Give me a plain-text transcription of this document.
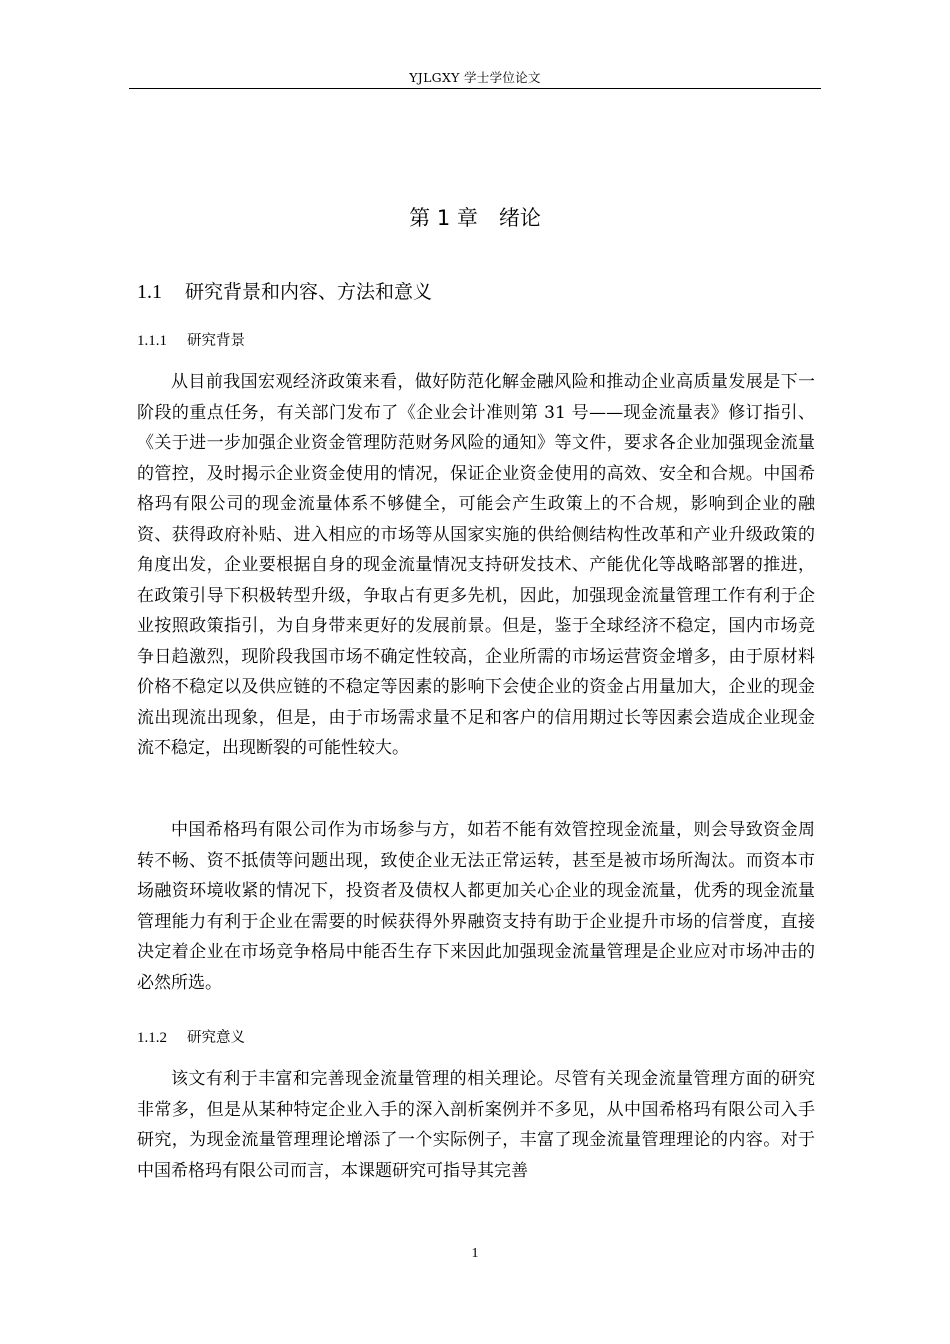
YJLGXY 学士学位论文
第 1 章　绪论
1.1 研究背景和内容、方法和意义
1.1.1 研究背景

从目前我国宏观经济政策来看，做好防范化解金融风险和推动企业高质量发展是下一阶段的重点任务，有关部门发布了《企业会计准则第 31 号——现金流量表》修订指引、《关于进一步加强企业资金管理防范财务风险的通知》等文件，要求各企业加强现金流量的管控，及时揭示企业资金使用的情况，保证企业资金使用的高效、安全和合规。中国希格玛有限公司的现金流量体系不够健全，可能会产生政策上的不合规，影响到企业的融资、获得政府补贴、进入相应的市场等从国家实施的供给侧结构性改革和产业升级政策的角度出发，企业要根据自身的现金流量情况支持研发技术、产能优化等战略部署的推进，在政策引导下积极转型升级，争取占有更多先机，因此，加强现金流量管理工作有利于企业按照政策指引，为自身带来更好的发展前景。但是，鉴于全球经济不稳定，国内市场竞争日趋激烈，现阶段我国市场不确定性较高，企业所需的市场运营资金增多，由于原材料价格不稳定以及供应链的不稳定等因素的影响下会使企业的资金占用量加大，企业的现金流出现流出现象，但是，由于市场需求量不足和客户的信用期过长等因素会造成企业现金流不稳定，出现断裂的可能性较大。

中国希格玛有限公司作为市场参与方，如若不能有效管控现金流量，则会导致资金周转不畅、资不抵债等问题出现，致使企业无法正常运转，甚至是被市场所淘汰。而资本市场融资环境收紧的情况下，投资者及债权人都更加关心企业的现金流量，优秀的现金流量管理能力有利于企业在需要的时候获得外界融资支持有助于企业提升市场的信誉度，直接决定着企业在市场竞争格局中能否生存下来因此加强现金流量管理是企业应对市场冲击的必然所选。

1.1.2 研究意义

该文有利于丰富和完善现金流量管理的相关理论。尽管有关现金流量管理方面的研究非常多，但是从某种特定企业入手的深入剖析案例并不多见，从中国希格玛有限公司入手研究，为现金流量管理理论增添了一个实际例子，丰富了现金流量管理理论的内容。对于中国希格玛有限公司而言，本课题研究可指导其完善

1
